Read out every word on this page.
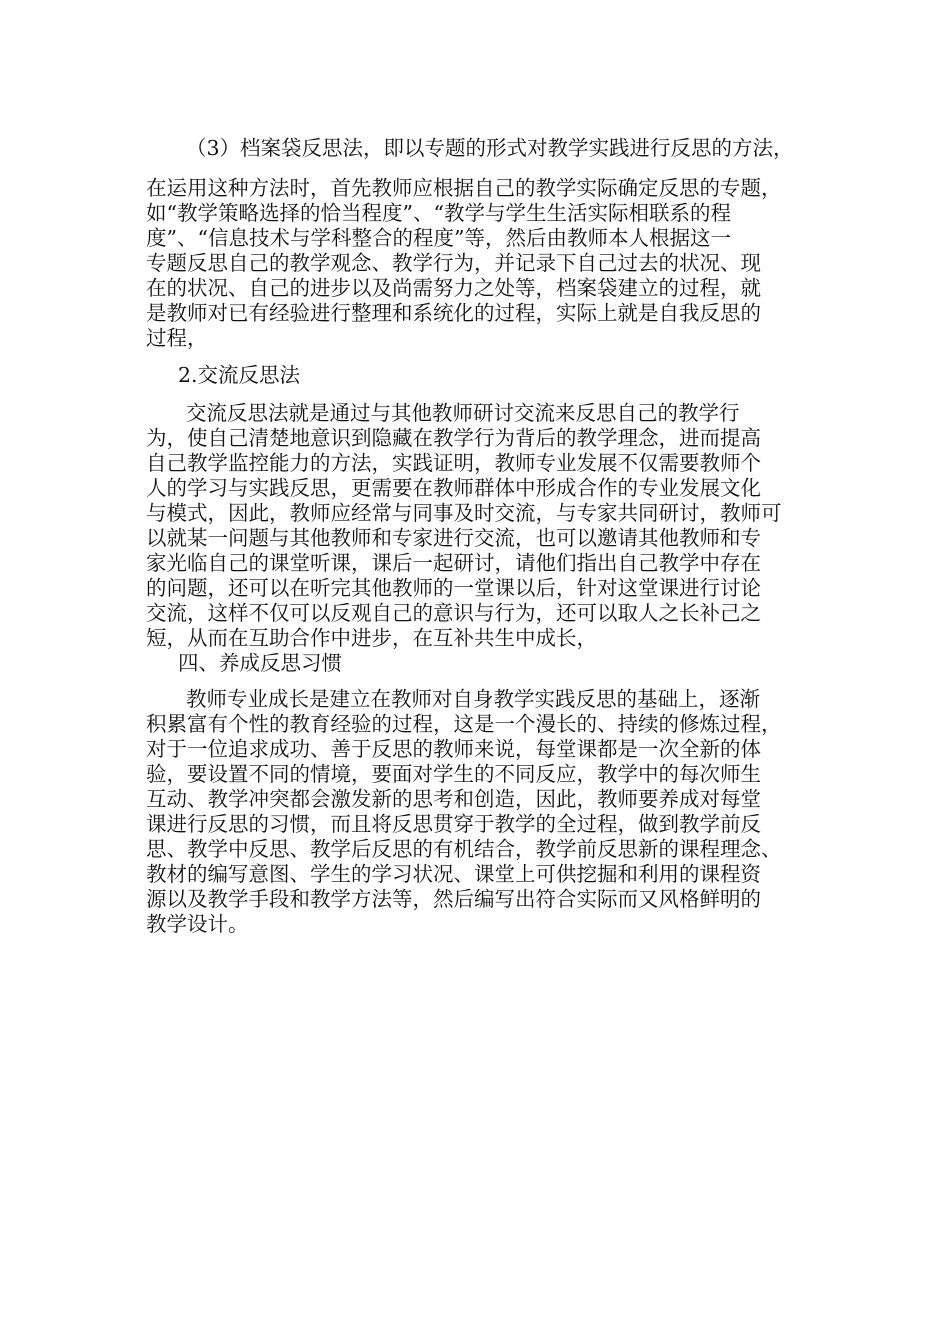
（3）档案袋反思法，即以专题的形式对教学实践进行反思的方法，
在运用这种方法时，首先教师应根据自己的教学实际确定反思的专题，
如“教学策略选择的恰当程度”、“教学与学生生活实际相联系的程
度”、“信息技术与学科整合的程度”等，然后由教师本人根据这一
专题反思自己的教学观念、教学行为，并记录下自己过去的状况、现
在的状况、自己的进步以及尚需努力之处等，档案袋建立的过程，就
是教师对已有经验进行整理和系统化的过程，实际上就是自我反思的
过程，
2.交流反思法
交流反思法就是通过与其他教师研讨交流来反思自己的教学行
为，使自己清楚地意识到隐藏在教学行为背后的教学理念，进而提高
自己教学监控能力的方法，实践证明，教师专业发展不仅需要教师个
人的学习与实践反思，更需要在教师群体中形成合作的专业发展文化
与模式，因此，教师应经常与同事及时交流，与专家共同研讨，教师可
以就某一问题与其他教师和专家进行交流，也可以邀请其他教师和专
家光临自己的课堂听课，课后一起研讨，请他们指出自己教学中存在
的问题，还可以在听完其他教师的一堂课以后，针对这堂课进行讨论
交流，这样不仅可以反观自己的意识与行为，还可以取人之长补己之
短，从而在互助合作中进步，在互补共生中成长，
四、养成反思习惯
教师专业成长是建立在教师对自身教学实践反思的基础上，逐渐
积累富有个性的教育经验的过程，这是一个漫长的、持续的修炼过程，
对于一位追求成功、善于反思的教师来说，每堂课都是一次全新的体
验，要设置不同的情境，要面对学生的不同反应，教学中的每次师生
互动、教学冲突都会激发新的思考和创造，因此，教师要养成对每堂
课进行反思的习惯，而且将反思贯穿于教学的全过程，做到教学前反
思、教学中反思、教学后反思的有机结合，教学前反思新的课程理念、
教材的编写意图、学生的学习状况、课堂上可供挖掘和利用的课程资
源以及教学手段和教学方法等，然后编写出符合实际而又风格鲜明的
教学设计。
